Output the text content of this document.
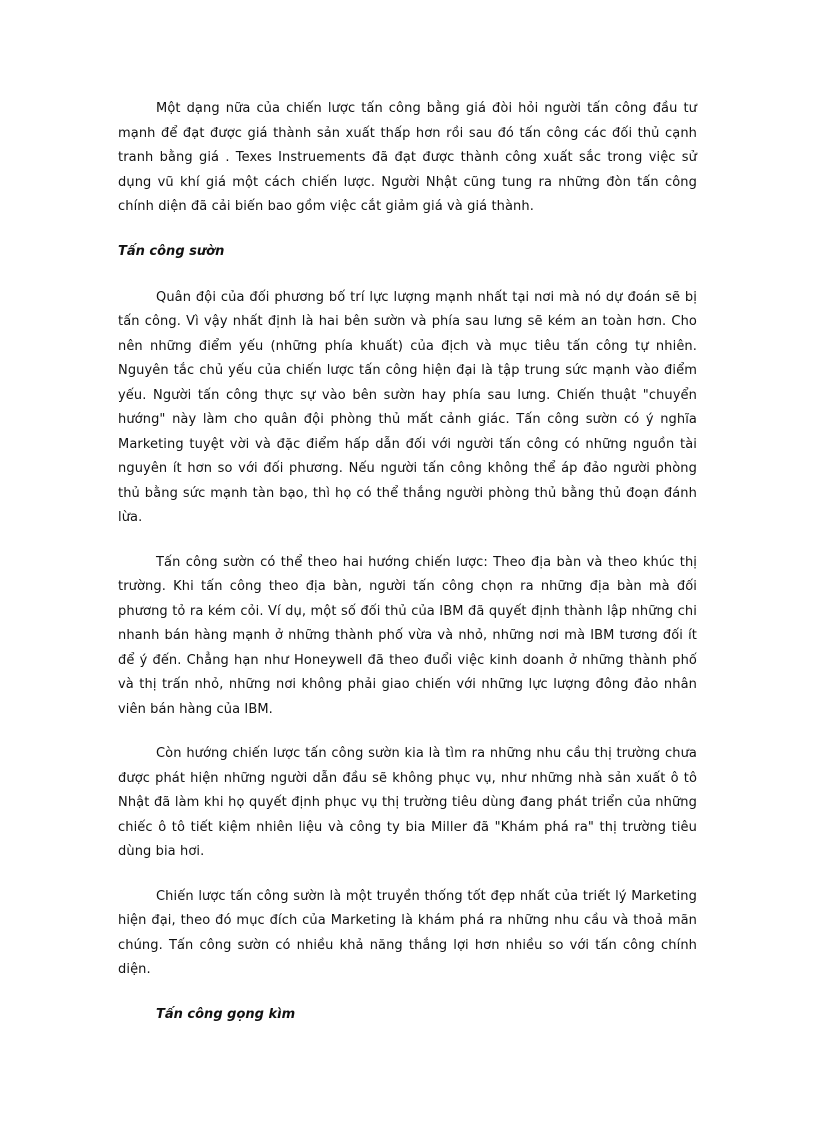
Một dạng nữa của chiến lược tấn công bằng giá đòi hỏi người tấn công đầu tư mạnh để đạt được giá thành sản xuất thấp hơn rồi sau đó tấn công các đối thủ cạnh tranh bằng giá . Texes Instruements đã đạt được thành công xuất sắc trong việc sử dụng vũ khí giá một cách chiến lược. Người Nhật cũng tung ra những đòn tấn công chính diện đã cải biến bao gồm việc cắt giảm giá và giá thành.

Tấn công sườn

Quân đội của đối phương bố trí lực lượng mạnh nhất tại nơi mà nó dự đoán sẽ bị tấn công. Vì vậy nhất định là hai bên sườn và phía sau lưng sẽ kém an toàn hơn. Cho nên những điểm yếu (những phía khuất) của địch và mục tiêu tấn công tự nhiên. Nguyên tắc chủ yếu của chiến lược tấn công hiện đại là tập trung sức mạnh vào điểm yếu. Người tấn công thực sự vào bên sườn hay phía sau lưng. Chiến thuật "chuyển hướng" này làm cho quân đội phòng thủ mất cảnh giác. Tấn công sườn có ý nghĩa Marketing tuyệt vời và đặc điểm hấp dẫn đối với người tấn công có những nguồn tài nguyên ít hơn so với đối phương. Nếu người tấn công không thể áp đảo người phòng thủ bằng sức mạnh tàn bạo, thì họ có thể thắng người phòng thủ bằng thủ đoạn đánh lừa.

Tấn công sườn có thể theo hai hướng chiến lược: Theo địa bàn và theo khúc thị trường. Khi tấn công theo địa bàn, người tấn công chọn ra những địa bàn mà đối phương tỏ ra kém cỏi. Ví dụ, một số đối thủ của IBM đã quyết định thành lập những chi nhanh bán hàng mạnh ở những thành phố vừa và nhỏ, những nơi mà IBM tương đối ít để ý đến. Chẳng hạn như Honeywell đã theo đuổi việc kinh doanh ở những thành phố và thị trấn nhỏ, những nơi không phải giao chiến với những lực lượng đông đảo nhân viên bán hàng của IBM.

Còn hướng chiến lược tấn công sườn kia là tìm ra những nhu cầu thị trường chưa được phát hiện những người dẫn đầu sẽ không phục vụ, như những nhà sản xuất ô tô Nhật đã làm khi họ quyết định phục vụ thị trường tiêu dùng đang phát triển của những chiếc ô tô tiết kiệm nhiên liệu và công ty bia Miller đã "Khám phá ra" thị trường tiêu dùng bia hơi.

Chiến lược tấn công sườn là một truyền thống tốt đẹp nhất của triết lý Marketing hiện đại, theo đó mục đích của Marketing là khám phá ra những nhu cầu và thoả mãn chúng. Tấn công sườn có nhiều khả năng thắng lợi hơn nhiều so với tấn công chính diện.

Tấn công gọng kìm
